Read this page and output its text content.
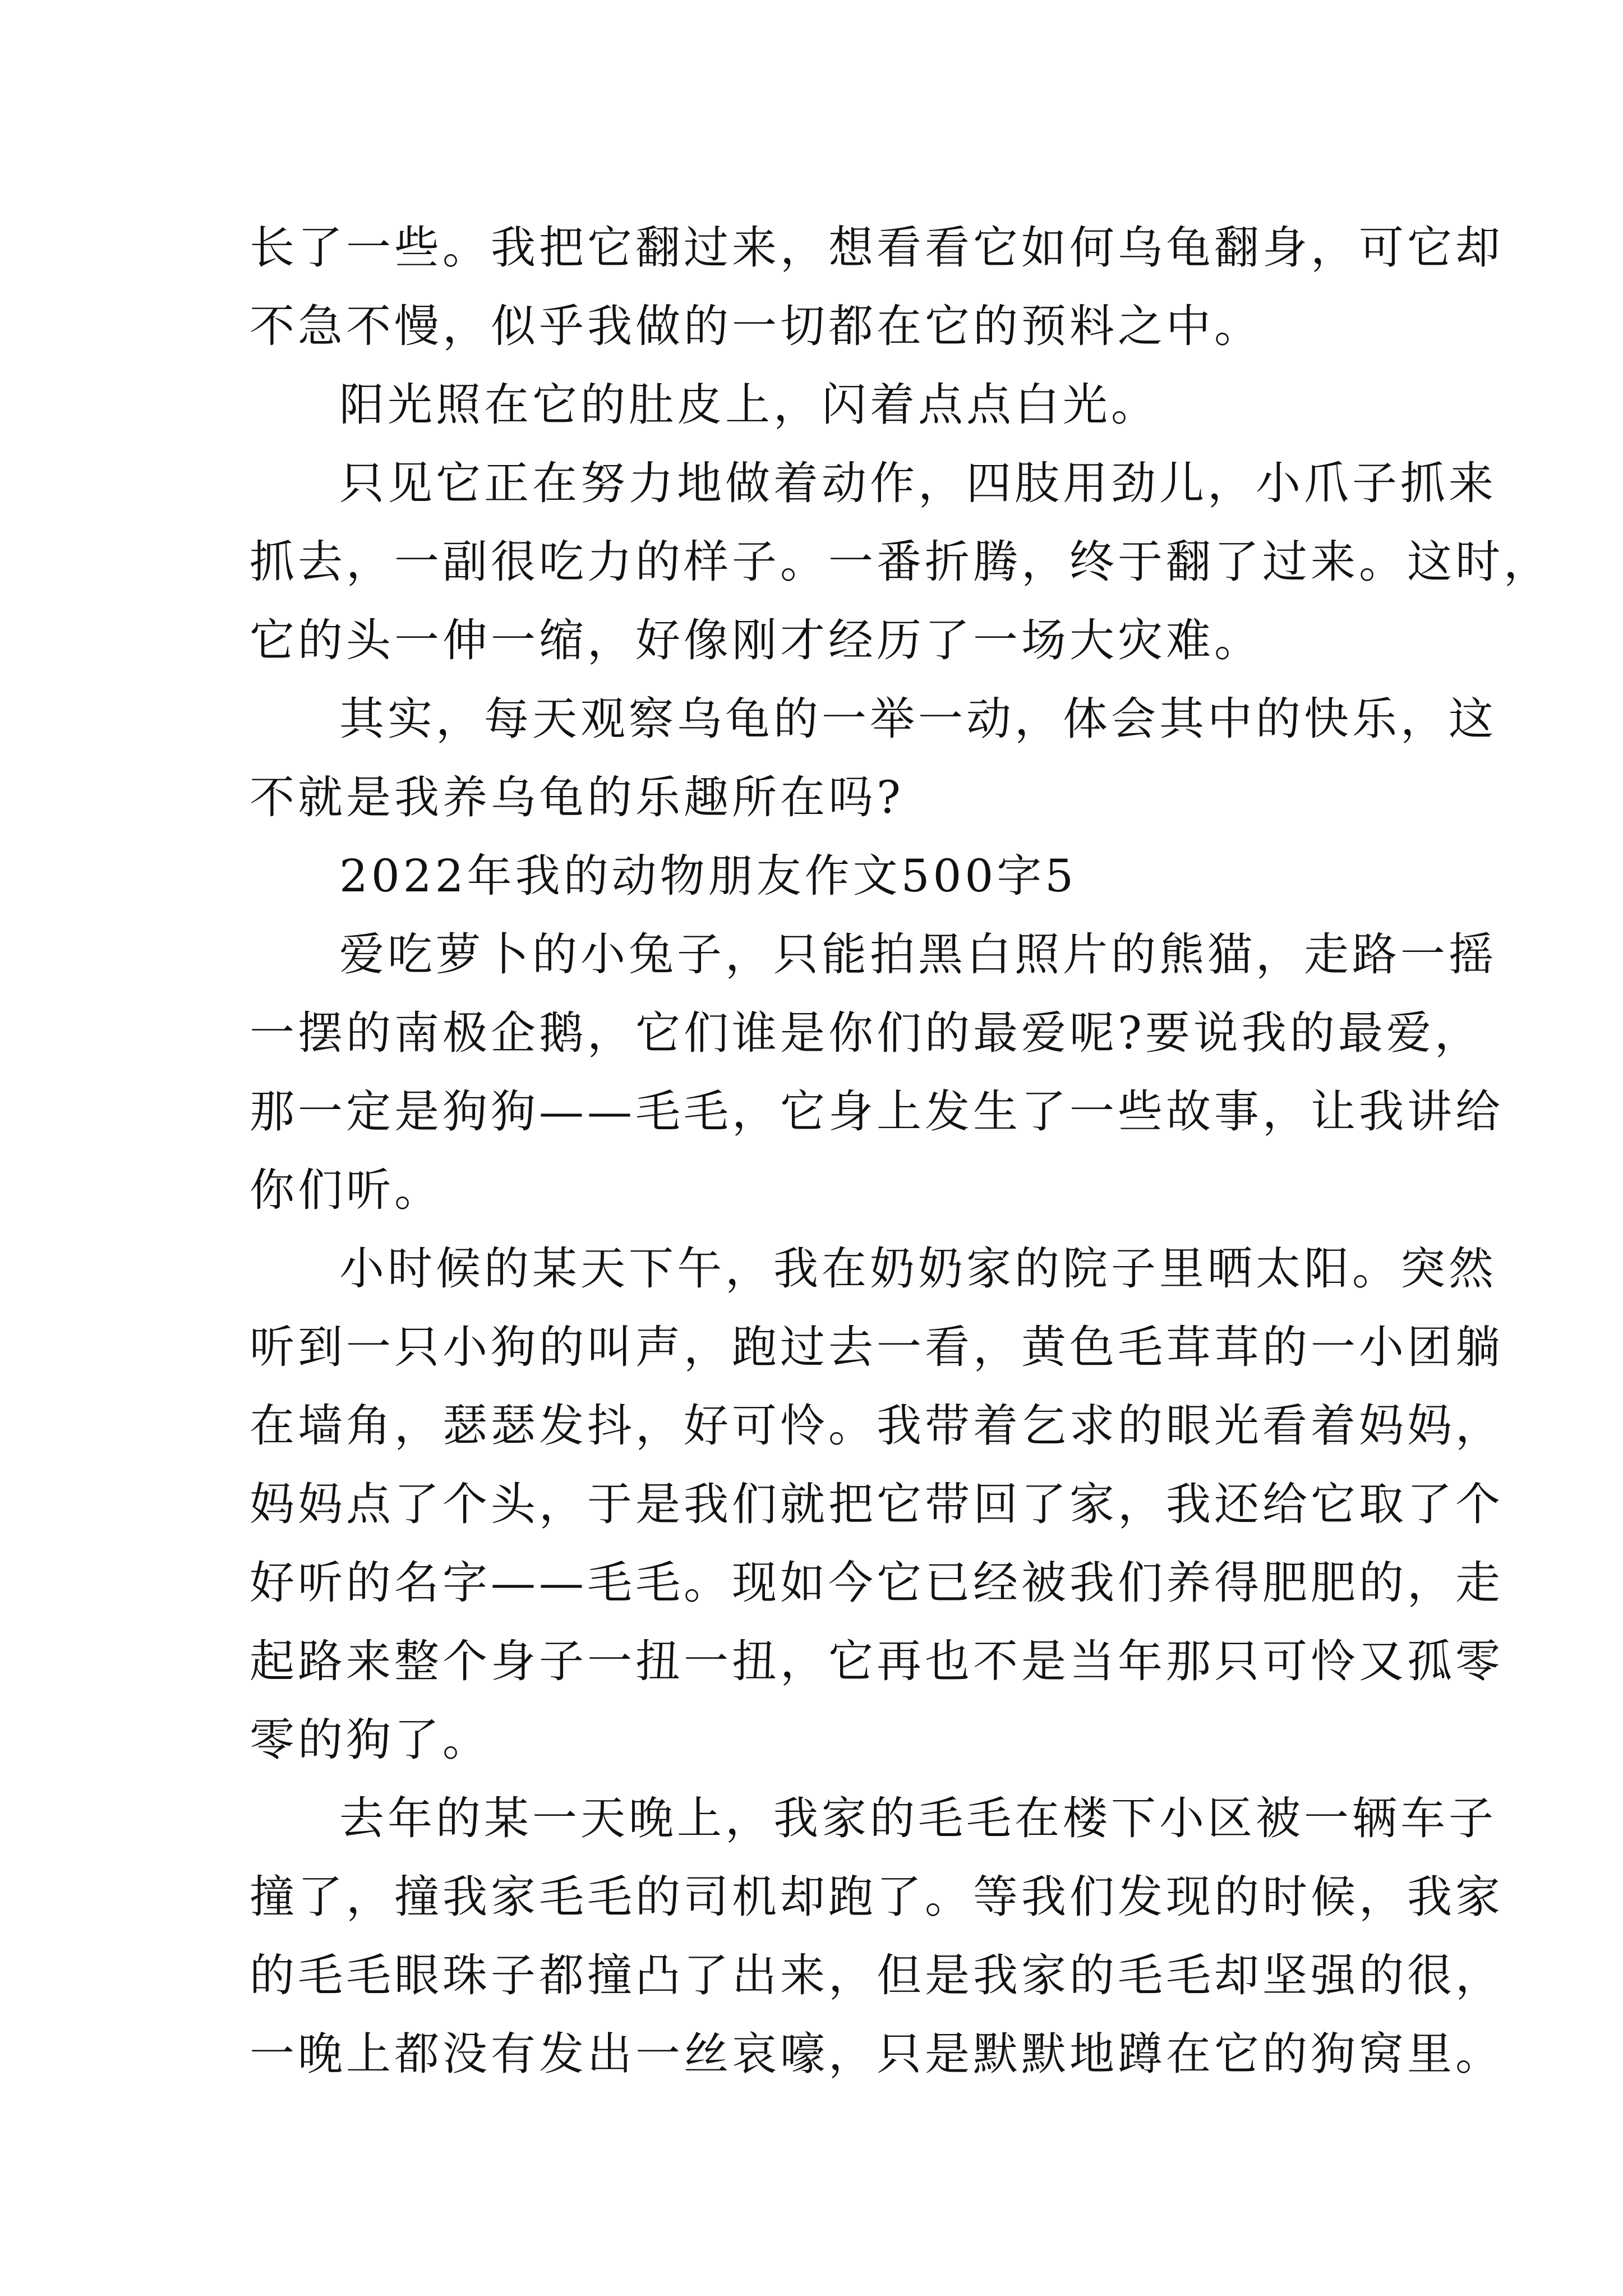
长了一些。我把它翻过来，想看看它如何乌龟翻身，可它却
不急不慢，似乎我做的一切都在它的预料之中。
阳光照在它的肚皮上，闪着点点白光。
只见它正在努力地做着动作，四肢用劲儿，小爪子抓来
抓去，一副很吃力的样子。一番折腾，终于翻了过来。这时，
它的头一伸一缩，好像刚才经历了一场大灾难。
其实，每天观察乌龟的一举一动，体会其中的快乐，这
不就是我养乌龟的乐趣所在吗?
2022年我的动物朋友作文500字5
爱吃萝卜的小兔子，只能拍黑白照片的熊猫，走路一摇
一摆的南极企鹅，它们谁是你们的最爱呢?要说我的最爱，
那一定是狗狗——毛毛，它身上发生了一些故事，让我讲给
你们听。
小时候的某天下午，我在奶奶家的院子里晒太阳。突然
听到一只小狗的叫声，跑过去一看，黄色毛茸茸的一小团躺
在墙角，瑟瑟发抖，好可怜。我带着乞求的眼光看着妈妈，
妈妈点了个头，于是我们就把它带回了家，我还给它取了个
好听的名字——毛毛。现如今它已经被我们养得肥肥的，走
起路来整个身子一扭一扭，它再也不是当年那只可怜又孤零
零的狗了。
去年的某一天晚上，我家的毛毛在楼下小区被一辆车子
撞了，撞我家毛毛的司机却跑了。等我们发现的时候，我家
的毛毛眼珠子都撞凸了出来，但是我家的毛毛却坚强的很，
一晚上都没有发出一丝哀嚎，只是默默地蹲在它的狗窝里。
